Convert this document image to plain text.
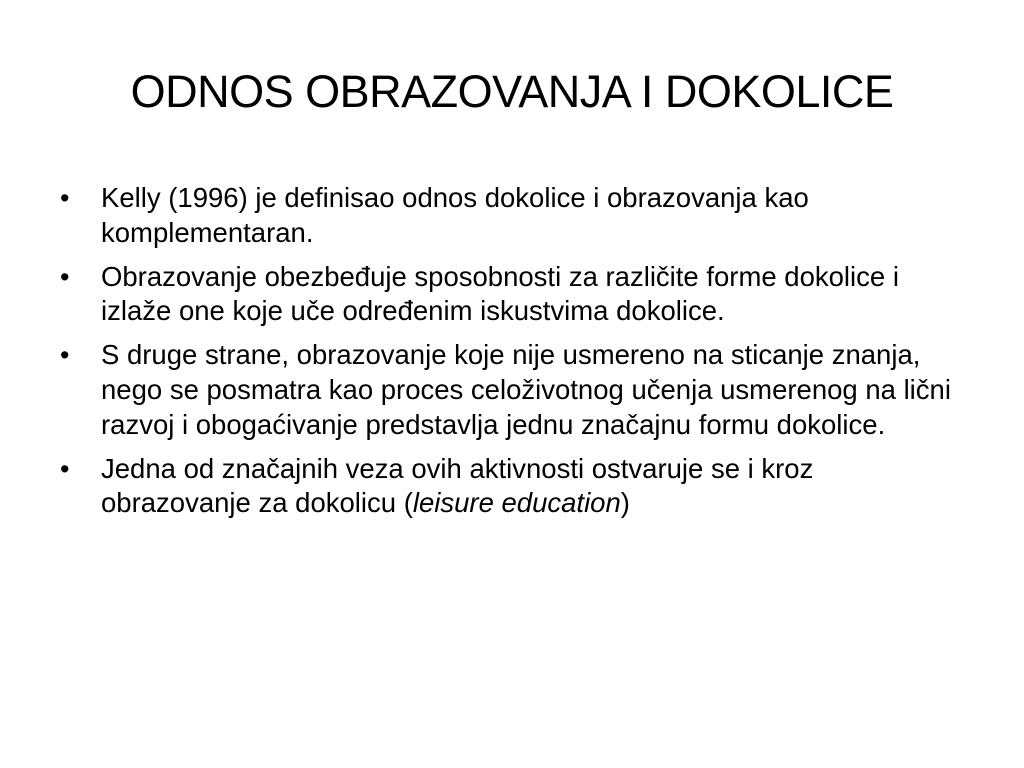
ODNOS OBRAZOVANJA I DOKOLICE
• Kelly (1996) je definisao odnos dokolice i obrazovanja kao komplementaran.
• Obrazovanje obezbeđuje sposobnosti za različite forme dokolice i izlaže one koje uče određenim iskustvima dokolice.
• S druge strane, obrazovanje koje nije usmereno na sticanje znanja, nego se posmatra kao proces celoživotnog učenja usmerenog na lični razvoj i obogaćivanje predstavlja jednu značajnu formu dokolice.
• Jedna od značajnih veza ovih aktivnosti ostvaruje se i kroz obrazovanje za dokolicu (leisure education)
